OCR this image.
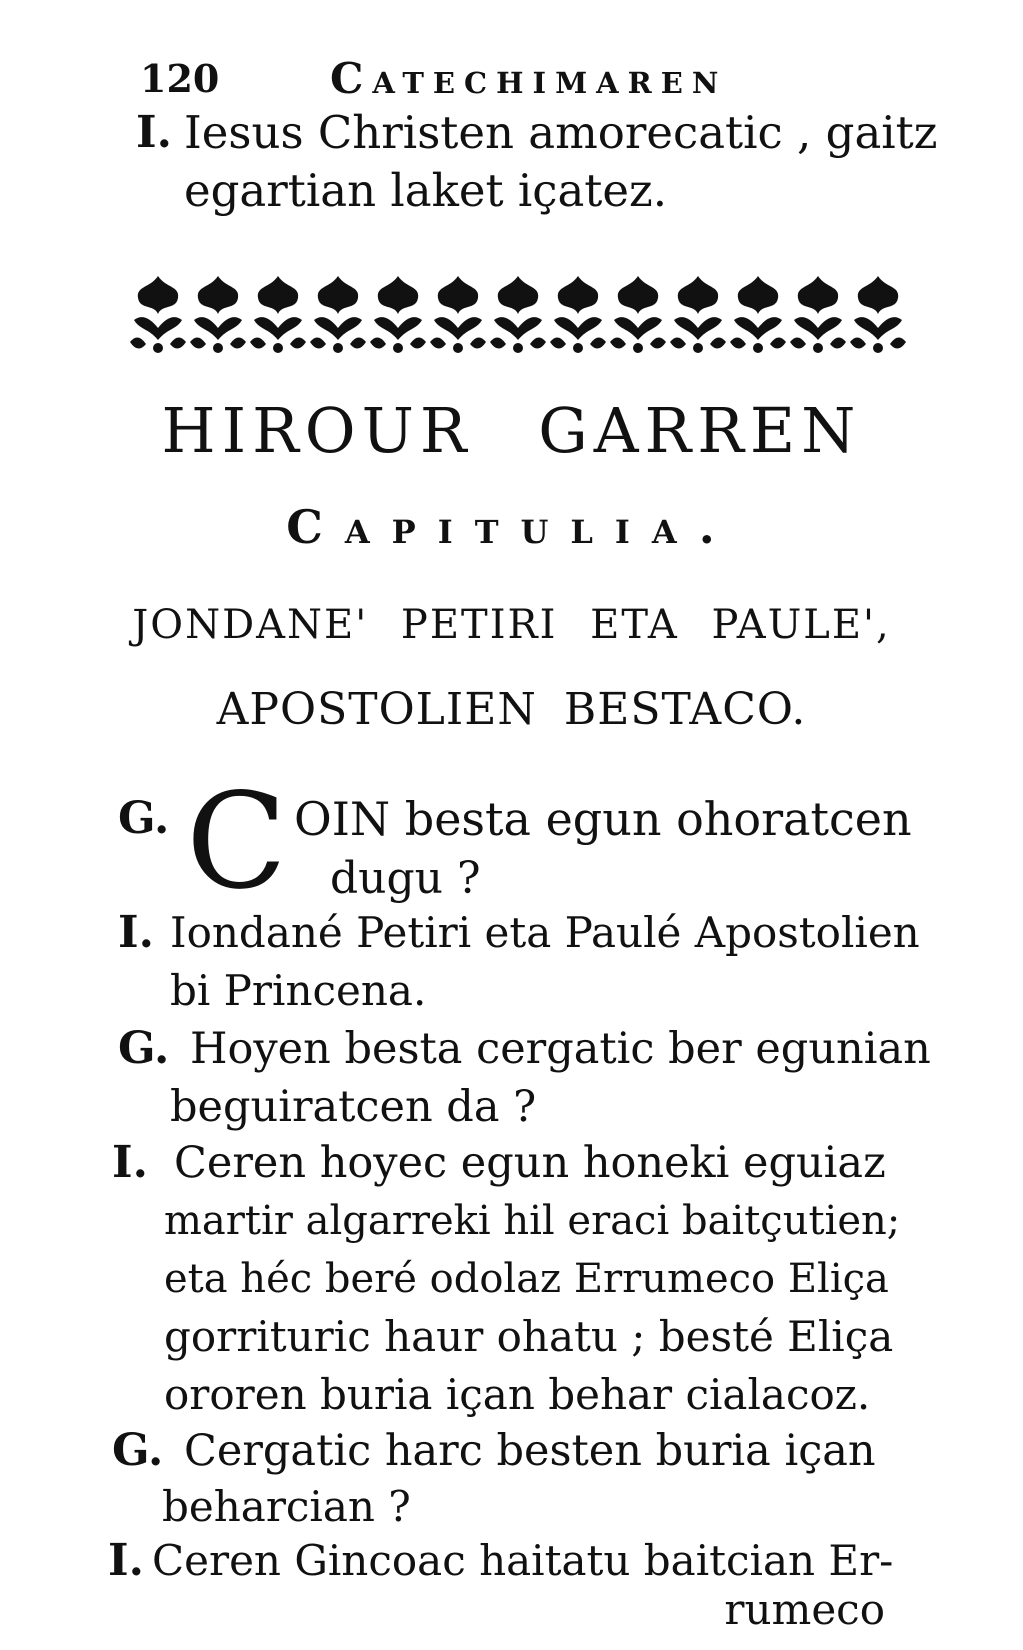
120	Catechimaren
I. Iesus Christen amorecatic , gaitz
egartian laket içatez.
HIROUR GARREN
Capitulia.
JONDANE' PETIRI ETA PAULE',
APOSTOLIEN BESTACO.
G.	OIN besta egun ohoratcen
dugu ?
C
I. Iondané Petiri eta Paulé Apostolien
bi Princena.
G. Hoyen besta cergatic ber egunian
beguiratcen da ?
I. Ceren hoyec egun honeki eguiaz
martir algarreki hil eraci baitçutien;
eta héc beré odolaz Errumeco Eliça
gorrituric haur ohatu ; besté Eliça
ororen buria içan behar cialacoz.
G. Cergatic harc besten buria içan
beharcian ?
I. Ceren Gincoac haitatu baitcian Er-
rumeco
